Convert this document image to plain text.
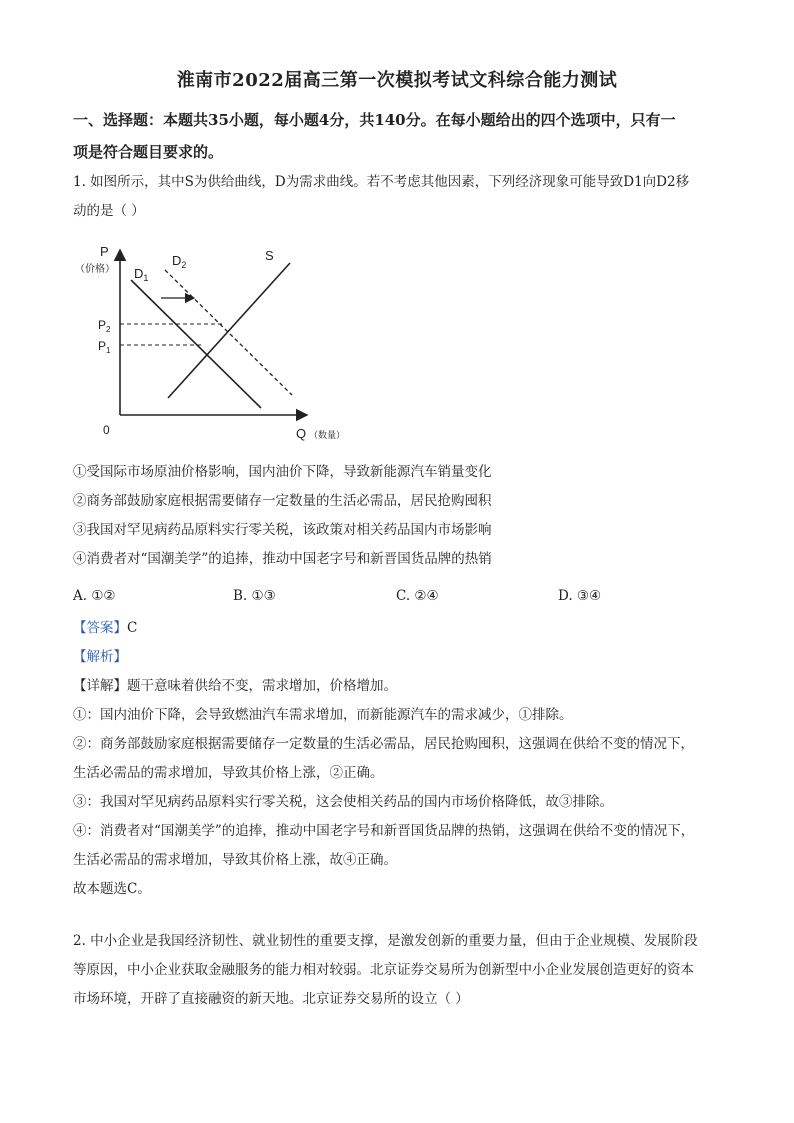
淮南市2022届高三第一次模拟考试文科综合能力测试
一、选择题：本题共35小题，每小题4分，共140分。在每小题给出的四个选项中，只有一
项是符合题目要求的。
1. 如图所示，其中S为供给曲线，D为需求曲线。若不考虑其他因素，下列经济现象可能导致D1向D2移
动的是（ ）
P
（价格） $D_1$
$D_2$
S
$P_2$
$P_1$
0	Q （数量）
①受国际市场原油价格影响，国内油价下降，导致新能源汽车销量变化
②商务部鼓励家庭根据需要储存一定数量的生活必需品，居民抢购囤积
③我国对罕见病药品原料实行零关税，该政策对相关药品国内市场影响
④消费者对“国潮美学”的追捧，推动中国老字号和新晋国货品牌的热销
A. ①②	B. ①③	C. ②④	D. ③④
【答案】C
【解析】
【详解】题干意味着供给不变，需求增加，价格增加。
①：国内油价下降，会导致燃油汽车需求增加，而新能源汽车的需求减少，①排除。
②：商务部鼓励家庭根据需要储存一定数量的生活必需品，居民抢购囤积，这强调在供给不变的情况下，
生活必需品的需求增加，导致其价格上涨，②正确。
③：我国对罕见病药品原料实行零关税，这会使相关药品的国内市场价格降低，故③排除。
④：消费者对“国潮美学”的追捧，推动中国老字号和新晋国货品牌的热销，这强调在供给不变的情况下，
生活必需品的需求增加，导致其价格上涨，故④正确。
故本题选C。
2. 中小企业是我国经济韧性、就业韧性的重要支撑，是激发创新的重要力量，但由于企业规模、发展阶段
等原因，中小企业获取金融服务的能力相对较弱。北京证券交易所为创新型中小企业发展创造更好的资本
市场环境，开辟了直接融资的新天地。北京证券交易所的设立（ ）
